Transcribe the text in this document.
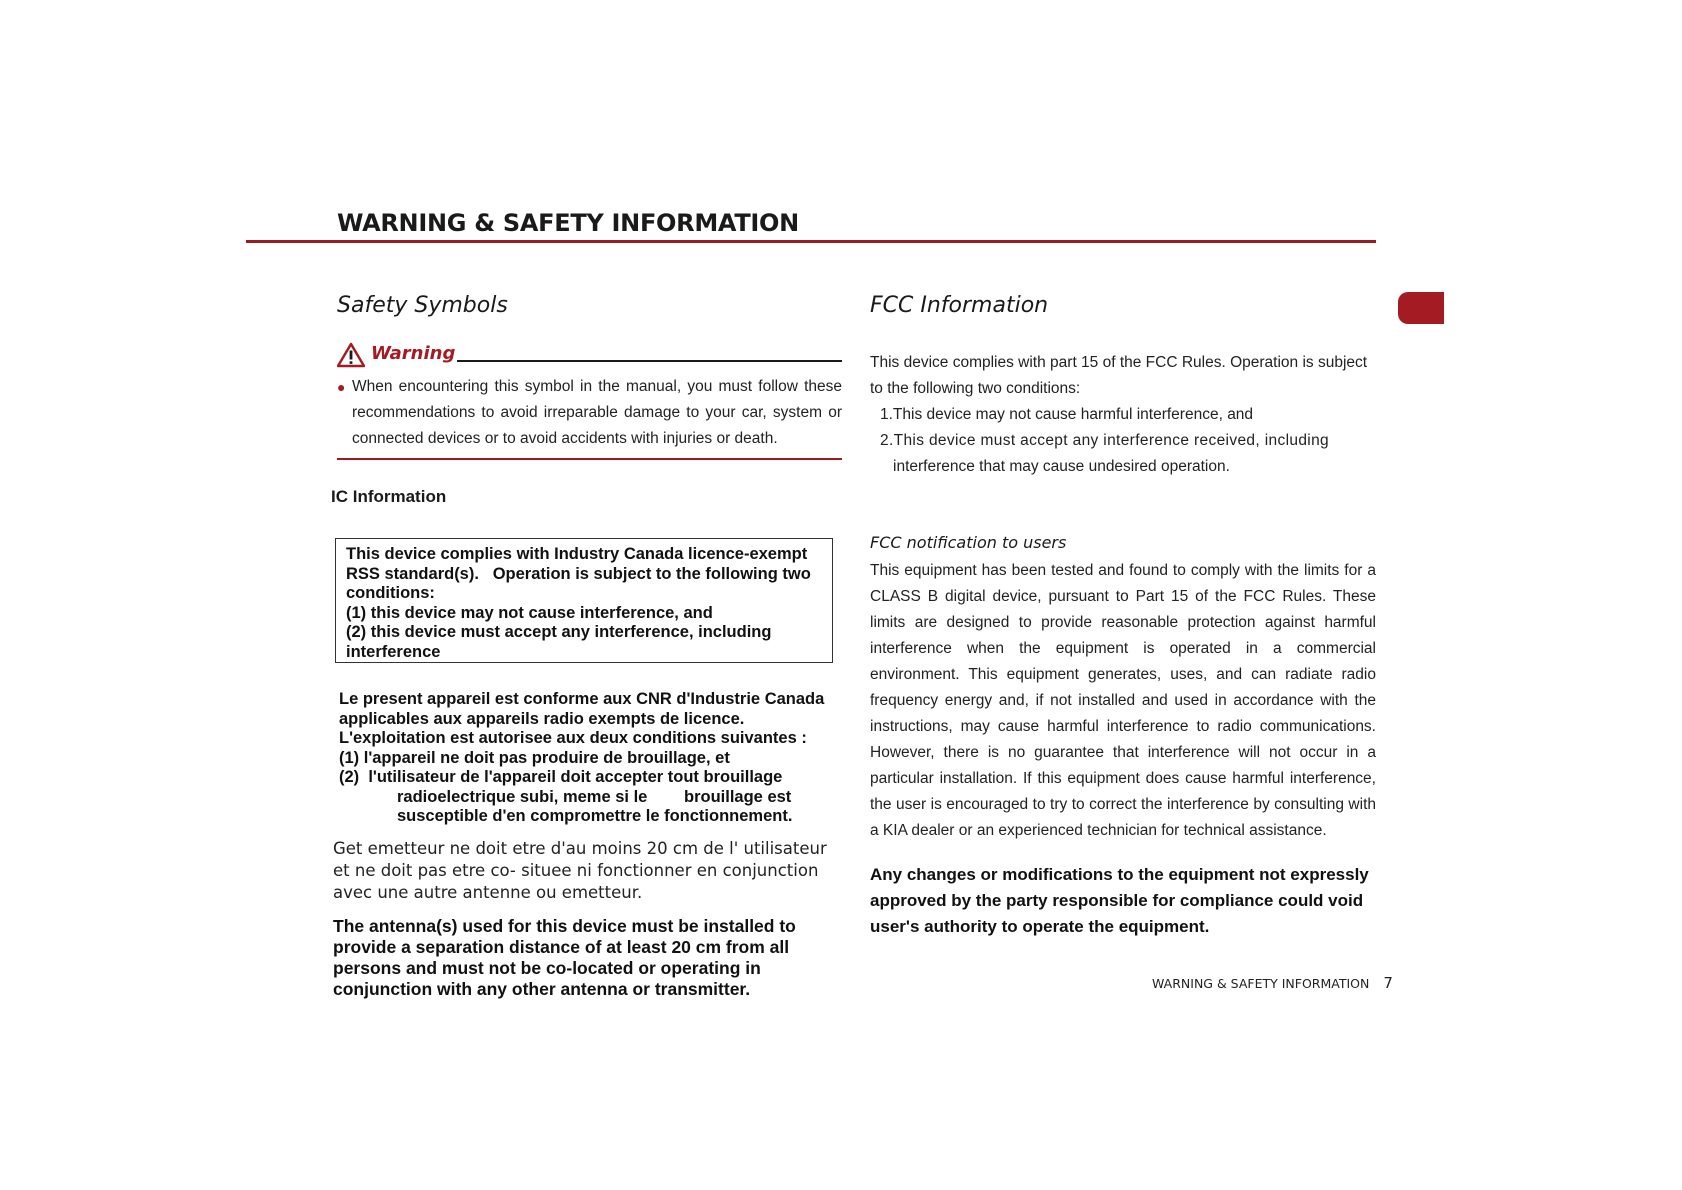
WARNING & SAFETY INFORMATION
Safety Symbols
Warning
● When encountering this symbol in the manual, you must follow these recommendations to avoid irreparable damage to your car, system or connected devices or to avoid accidents with injuries or death.
IC Information
This device complies with Industry Canada licence-exempt
RSS standard(s).   Operation is subject to the following two
conditions:
(1) this device may not cause interference, and
(2) this device must accept any interference, including
interference
Le present appareil est conforme aux CNR d'Industrie Canada
applicables aux appareils radio exempts de licence.
L'exploitation est autorisee aux deux conditions suivantes :
(1) l'appareil ne doit pas produire de brouillage, et
(2)  l'utilisateur de l'appareil doit accepter tout brouillage
radioelectrique subi, meme si le        brouillage est
susceptible d'en compromettre le fonctionnement.
Get emetteur ne doit etre d'au moins 20 cm de l' utilisateur et ne doit pas etre co- situee ni fonctionner en conjunction avec une autre antenne ou emetteur.
The antenna(s) used for this device must be installed to provide a separation distance of at least 20 cm from all persons and must not be co-located or operating in conjunction with any other antenna or transmitter.
FCC Information
This device complies with part 15 of the FCC Rules. Operation is subject to the following two conditions:
1.This device may not cause harmful interference, and
2.This device must accept any interference received, including
interference that may cause undesired operation.
FCC notification to users
This equipment has been tested and found to comply with the limits for a CLASS B digital device, pursuant to Part 15 of the FCC Rules. These limits are designed to provide reasonable protection against harmful interference when the equipment is operated in a commercial environment. This equipment generates, uses, and can radiate radio frequency energy and, if not installed and used in accordance with the instructions, may cause harmful interference to radio communications. However, there is no guarantee that interference will not occur in a particular installation. If this equipment does cause harmful interference, the user is encouraged to try to correct the interference by consulting with a KIA dealer or an experienced technician for technical assistance.
Any changes or modifications to the equipment not expressly approved by the party responsible for compliance could void user's authority to operate the equipment.
WARNING & SAFETY INFORMATION 7
